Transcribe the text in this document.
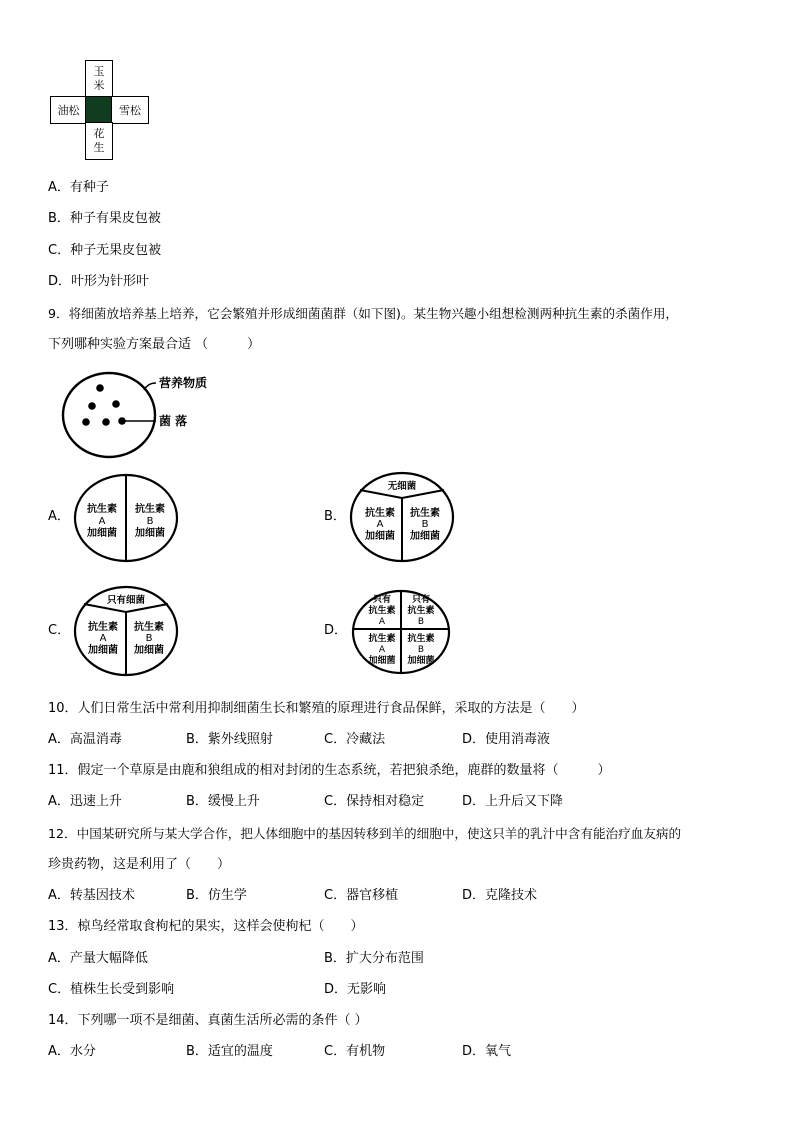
玉
米
油松	雪松
花
生
A．有种子
B．种子有果皮包被
C．种子无果皮包被
D．叶形为针形叶
9．将细菌放培养基上培养，它会繁殖并形成细菌菌群（如下图)。某生物兴趣小组想检测两种抗生素的杀菌作用，
下列哪种实验方案最合适 （　　　）
营养物质
菌 落
A．	B．
C．	D．
抗生素
A
加细菌
抗生素
B
加细菌
无细菌
抗生素
A
加细菌
抗生素
B
加细菌
只有细菌
抗生素
A
加细菌
抗生素
B
加细菌
只有
抗生素
A
只有
抗生素
B
抗生素
A
加细菌
抗生素
B
加细菌
10．人们日常生活中常利用抑制细菌生长和繁殖的原理进行食品保鲜，采取的方法是（　　）
A．高温消毒	B．紫外线照射	C．冷藏法	D．使用消毒液
11．假定一个草原是由鹿和狼组成的相对封闭的生态系统，若把狼杀绝，鹿群的数量将（　　　）
A．迅速上升	B．缓慢上升	C．保持相对稳定	D．上升后又下降
12．中国某研究所与某大学合作，把人体细胞中的基因转移到羊的细胞中，使这只羊的乳汁中含有能治疗血友病的
珍贵药物，这是利用了（　　）
A．转基因技术	B．仿生学	C．器官移植	D．克隆技术
13．椋鸟经常取食枸杞的果实，这样会使枸杞（　　）
A．产量大幅降低	B．扩大分布范围
C．植株生长受到影响	D．无影响
14．下列哪一项不是细菌、真菌生活所必需的条件（ ）
A．水分	B．适宜的温度	C．有机物	D．氧气
